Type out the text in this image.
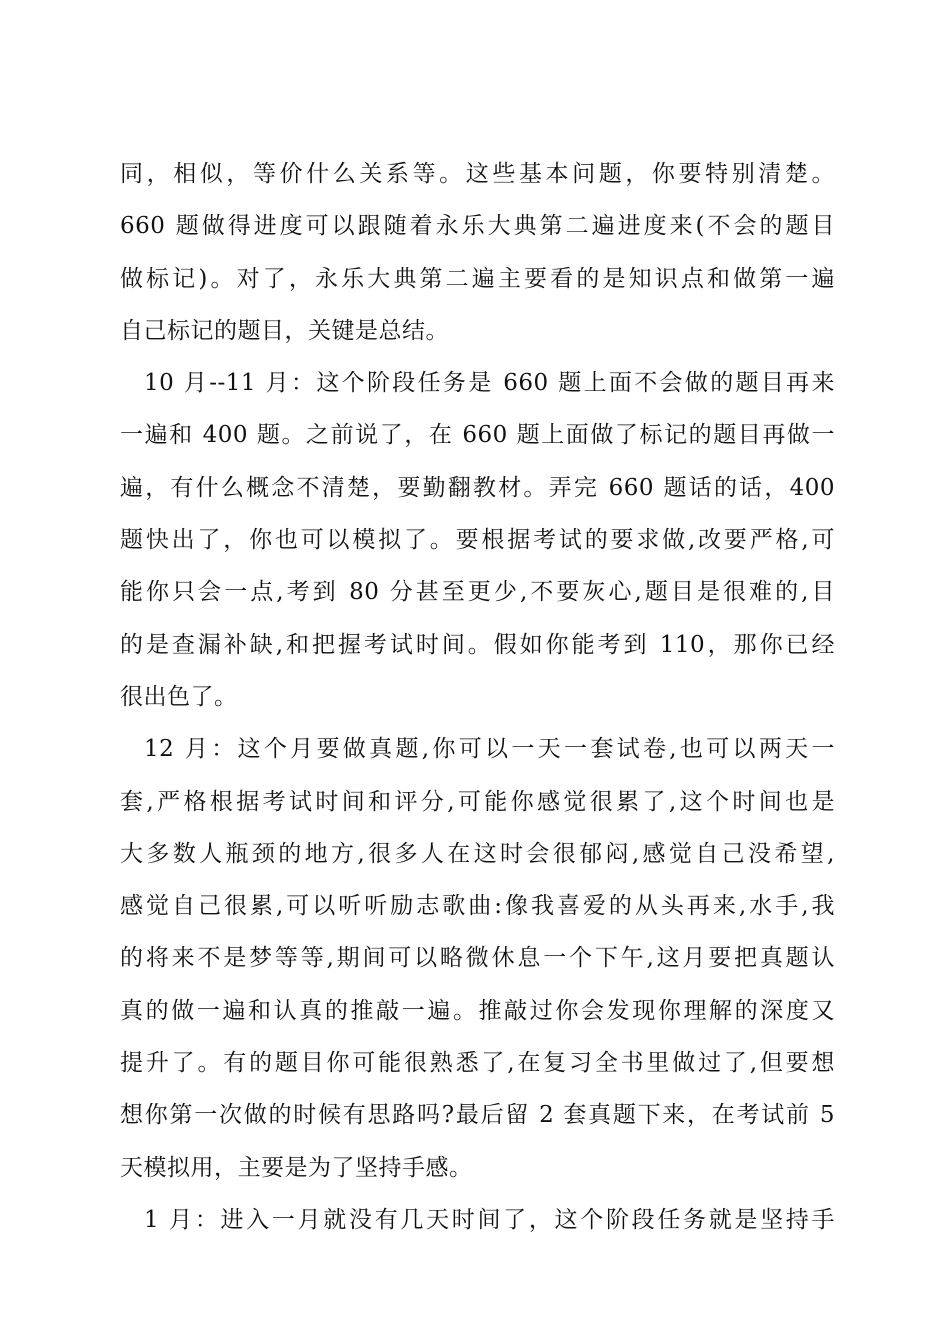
同，相似，等价什么关系等。这些基本问题，你要特别清楚。
660 题做得进度可以跟随着永乐大典第二遍进度来(不会的题目
做标记)。对了，永乐大典第二遍主要看的是知识点和做第一遍
自己标记的题目，关键是总结。
10 月--11 月：这个阶段任务是 660 题上面不会做的题目再来
一遍和 400 题。之前说了，在 660 题上面做了标记的题目再做一
遍，有什么概念不清楚，要勤翻教材。弄完 660 题话的话，400
题快出了，你也可以模拟了。要根据考试的要求做,改要严格,可
能你只会一点,考到 80 分甚至更少,不要灰心,题目是很难的,目
的是查漏补缺,和把握考试时间。假如你能考到 110，那你已经
很出色了。
12 月：这个月要做真题,你可以一天一套试卷,也可以两天一
套,严格根据考试时间和评分,可能你感觉很累了,这个时间也是
大多数人瓶颈的地方,很多人在这时会很郁闷,感觉自己没希望,
感觉自己很累,可以听听励志歌曲:像我喜爱的从头再来,水手,我
的将来不是梦等等,期间可以略微休息一个下午,这月要把真题认
真的做一遍和认真的推敲一遍。推敲过你会发现你理解的深度又
提升了。有的题目你可能很熟悉了,在复习全书里做过了,但要想
想你第一次做的时候有思路吗?最后留 2 套真题下来，在考试前 5
天模拟用，主要是为了坚持手感。
1 月：进入一月就没有几天时间了，这个阶段任务就是坚持手
